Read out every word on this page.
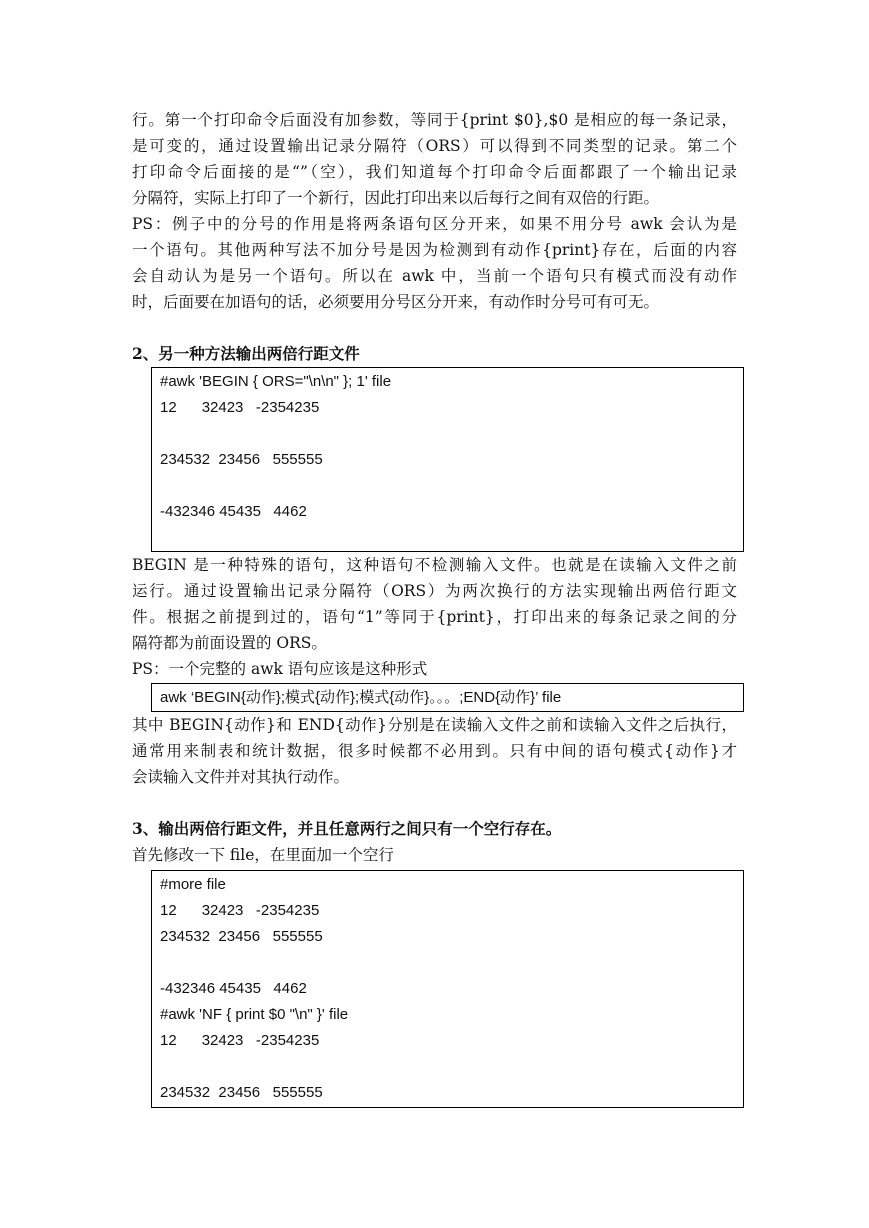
行。第一个打印命令后面没有加参数，等同于{print $0},$0 是相应的每一条记录，
是可变的，通过设置输出记录分隔符（ORS）可以得到不同类型的记录。第二个
打印命令后面接的是“”（空），我们知道每个打印命令后面都跟了一个输出记录
分隔符，实际上打印了一个新行，因此打印出来以后每行之间有双倍的行距。
PS：例子中的分号的作用是将两条语句区分开来，如果不用分号 awk 会认为是
一个语句。其他两种写法不加分号是因为检测到有动作{print}存在，后面的内容
会自动认为是另一个语句。所以在 awk 中，当前一个语句只有模式而没有动作
时，后面要在加语句的话，必须要用分号区分开来，有动作时分号可有可无。
2、另一种方法输出两倍行距文件
#awk 'BEGIN { ORS="\n\n" }; 1' file
12      32423   -2354235
234532  23456   555555
-432346 45435   4462
BEGIN 是一种特殊的语句，这种语句不检测输入文件。也就是在读输入文件之前
运行。通过设置输出记录分隔符（ORS）为两次换行的方法实现输出两倍行距文
件。根据之前提到过的，语句“1”等同于{print}，打印出来的每条记录之间的分
隔符都为前面设置的 ORS。
PS：一个完整的 awk 语句应该是这种形式
awk ‘BEGIN{动作};模式{动作};模式{动作}。。。;END{动作}’ file
其中 BEGIN{动作}和 END{动作}分别是在读输入文件之前和读输入文件之后执行，
通常用来制表和统计数据，很多时候都不必用到。只有中间的语句模式{动作}才
会读输入文件并对其执行动作。
3、输出两倍行距文件，并且任意两行之间只有一个空行存在。
首先修改一下 file，在里面加一个空行
#more file
12      32423   -2354235
234532  23456   555555
-432346 45435   4462
#awk 'NF { print $0 "\n" }' file
12      32423   -2354235
234532  23456   555555
